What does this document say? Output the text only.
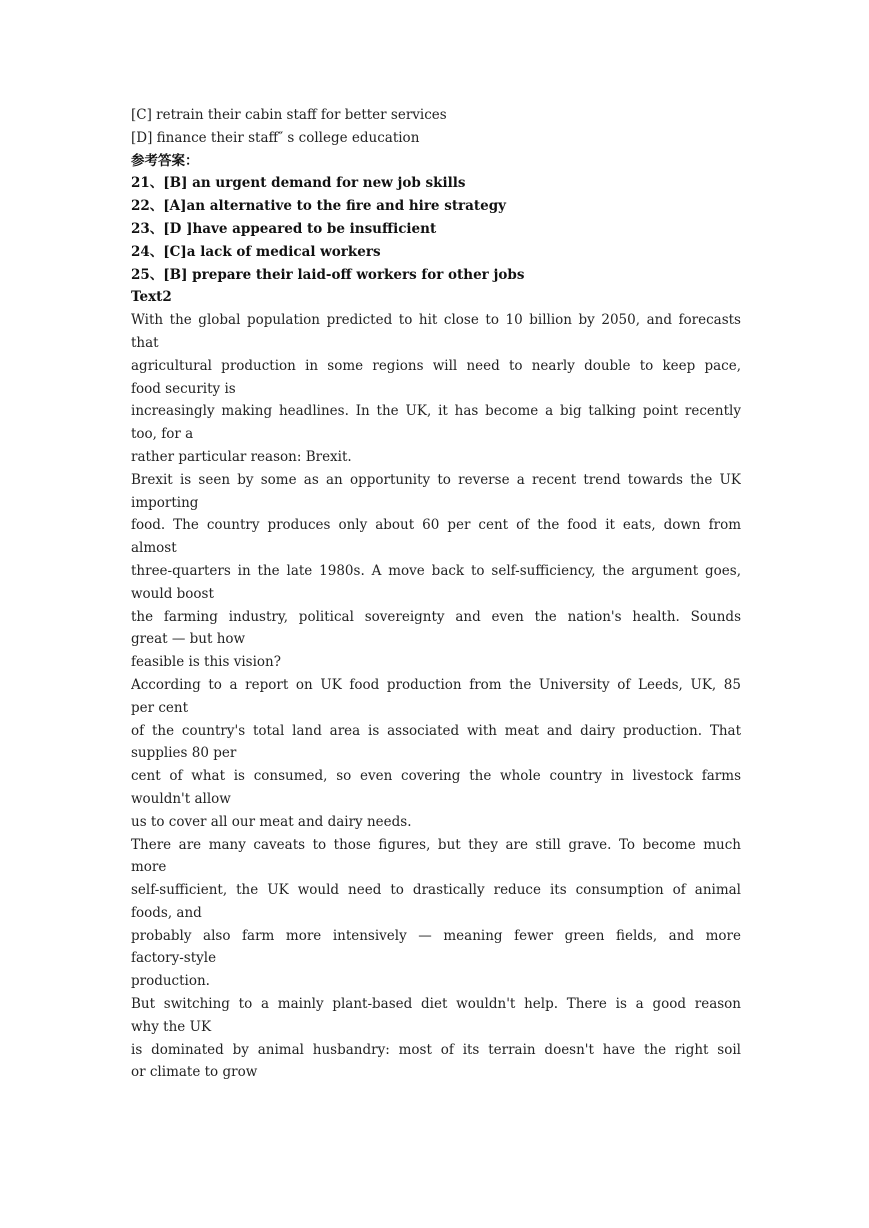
[C] retrain their cabin staff for better services
[D] finance their staff″ s college education
参考答案：
21、[B] an urgent demand for new job skills
22、[A]an alternative to the fire and hire strategy
23、[D ]have appeared to be insufficient
24、[C]a lack of medical workers
25、[B] prepare their laid-off workers for other jobs
Text2
With the global population predicted to hit close to 10 billion by 2050, and forecasts
that
agricultural production in some regions will need to nearly double to keep pace,
food security is
increasingly making headlines. In the UK, it has become a big talking point recently
too, for a
rather particular reason: Brexit.
Brexit is seen by some as an opportunity to reverse a recent trend towards the UK
importing
food. The country produces only about 60 per cent of the food it eats, down from
almost
three-quarters in the late 1980s. A move back to self-sufficiency, the argument goes,
would boost
the farming industry, political sovereignty and even the nation's health. Sounds
great — but how
feasible is this vision?
According to a report on UK food production from the University of Leeds, UK, 85
per cent
of the country's total land area is associated with meat and dairy production. That
supplies 80 per
cent of what is consumed, so even covering the whole country in livestock farms
wouldn't allow
us to cover all our meat and dairy needs.
There are many caveats to those figures, but they are still grave. To become much
more
self-sufficient, the UK would need to drastically reduce its consumption of animal
foods, and
probably also farm more intensively — meaning fewer green fields, and more
factory-style
production.
But switching to a mainly plant-based diet wouldn't help. There is a good reason
why the UK
is dominated by animal husbandry: most of its terrain doesn't have the right soil
or climate to grow
